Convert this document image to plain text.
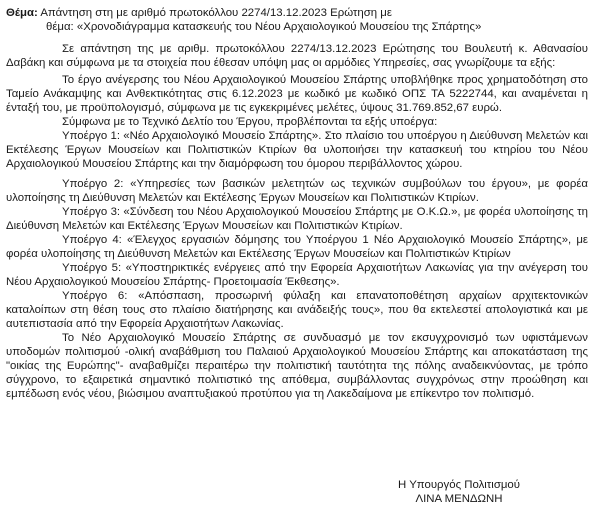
Θέμα: Απάντηση στη με αριθμό πρωτοκόλλου 2274/13.12.2023 Ερώτηση με
θέμα: «Χρονοδιάγραμμα κατασκευής του Νέου Αρχαιολογικού Μουσείου της Σπάρτης»

Σε απάντηση της με αριθμ. πρωτοκόλλου 2274/13.12.2023 Ερώτησης του Βουλευτή κ. Αθανασίου Δαβάκη και σύμφωνα με τα στοιχεία που έθεσαν υπόψη μας οι αρμόδιες Υπηρεσίες, σας γνωρίζουμε τα εξής:

Το έργο ανέγερσης του Νέου Αρχαιολογικού Μουσείου Σπάρτης υποβλήθηκε προς χρηματοδότηση στο Ταμείο Ανάκαμψης και Ανθεκτικότητας στις 6.12.2023 με κωδικό με κωδικό ΟΠΣ ΤΑ 5222744, και αναμένεται η ένταξή του, με προϋπολογισμό, σύμφωνα με τις εγκεκριμένες μελέτες, ύψους 31.769.852,67 ευρώ.

Σύμφωνα με το Τεχνικό Δελτίο του Έργου, προβλέπονται τα εξής υποέργα:

Υποέργο 1: «Νέο Αρχαιολογικό Μουσείο Σπάρτης». Στο πλαίσιο του υποέργου η Διεύθυνση Μελετών και Εκτέλεσης Έργων Μουσείων και Πολιτιστικών Κτιρίων θα υλοποιήσει την κατασκευή του κτηρίου του Νέου Αρχαιολογικού Μουσείου Σπάρτης και την διαμόρφωση του όμορου περιβάλλοντος χώρου.

Υποέργο 2: «Υπηρεσίες των βασικών μελετητών ως τεχνικών συμβούλων του έργου», με φορέα υλοποίησης τη Διεύθυνση Μελετών και Εκτέλεσης Έργων Μουσείων και Πολιτιστικών Κτιρίων.

Υποέργο 3: «Σύνδεση του Νέου Αρχαιολογικού Μουσείου Σπάρτης με Ο.Κ.Ω.», με φορέα υλοποίησης τη Διεύθυνση Μελετών και Εκτέλεσης Έργων Μουσείων και Πολιτιστικών Κτιρίων.

Υποέργο 4: «Έλεγχος εργασιών δόμησης του Υποέργου 1 Νέο Αρχαιολογικό Μουσείο Σπάρτης», με φορέα υλοποίησης τη Διεύθυνση Μελετών και Εκτέλεσης Έργων Μουσείων και Πολιτιστικών Κτιρίων

Υποέργο 5: «Υποστηρικτικές ενέργειες από την Εφορεία Αρχαιοτήτων Λακωνίας για την ανέγερση του Νέου Αρχαιολογικού Μουσείου Σπάρτης- Προετοιμασία Έκθεσης».

Υποέργο 6: «Απόσπαση, προσωρινή φύλαξη και επανατοποθέτηση αρχαίων αρχιτεκτονικών καταλοίπων στη θέση τους στο πλαίσιο διατήρησης και ανάδειξής τους», που θα εκτελεστεί απολογιστικά και με αυτεπιστασία από την Εφορεία Αρχαιοτήτων Λακωνίας.

Το Νέο Αρχαιολογικό Μουσείο Σπάρτης σε συνδυασμό με τον εκσυγχρονισμό των υφιστάμενων υποδομών πολιτισμού -ολική αναβάθμιση του Παλαιού Αρχαιολογικού Μουσείου Σπάρτης και αποκατάσταση της "οικίας της Ευρώπης"- αναβαθμίζει περαιτέρω την πολιτιστική ταυτότητα της πόλης αναδεικνύοντας, με τρόπο σύγχρονο, το εξαιρετικά σημαντικό πολιτιστικό της απόθεμα, συμβάλλοντας συγχρόνως στην προώθηση και εμπέδωση ενός νέου, βιώσιμου αναπτυξιακού προτύπου για τη Λακεδαίμονα με επίκεντρο τον πολιτισμό.

Η Υπουργός Πολιτισμού
ΛΙΝΑ ΜΕΝΔΩΝΗ
